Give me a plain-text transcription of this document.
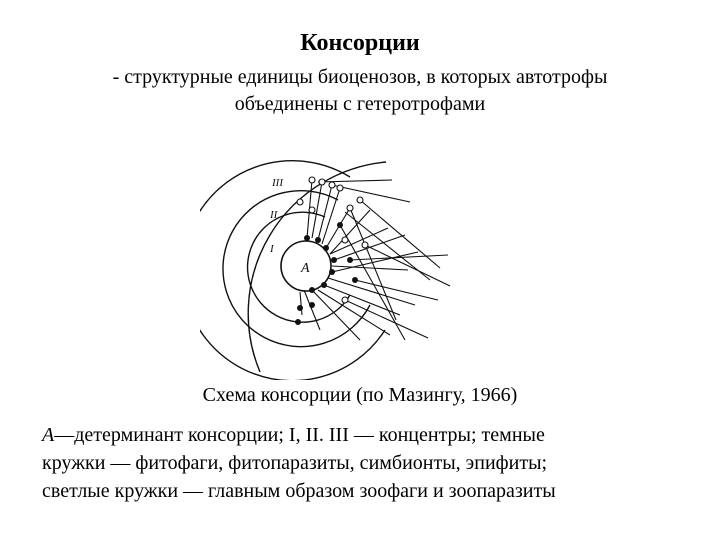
Консорции
- структурные единицы биоценозов, в которых автотрофы
объединены с гетеротрофами
A
I
II
III
Схема консорции (по Мазингу, 1966)
A—детерминант консорции; I, II. III — концентры; темные
кружки — фитофаги, фитопаразиты, симбионты, эпифиты;
светлые кружки — главным образом зоофаги и зоопаразиты
